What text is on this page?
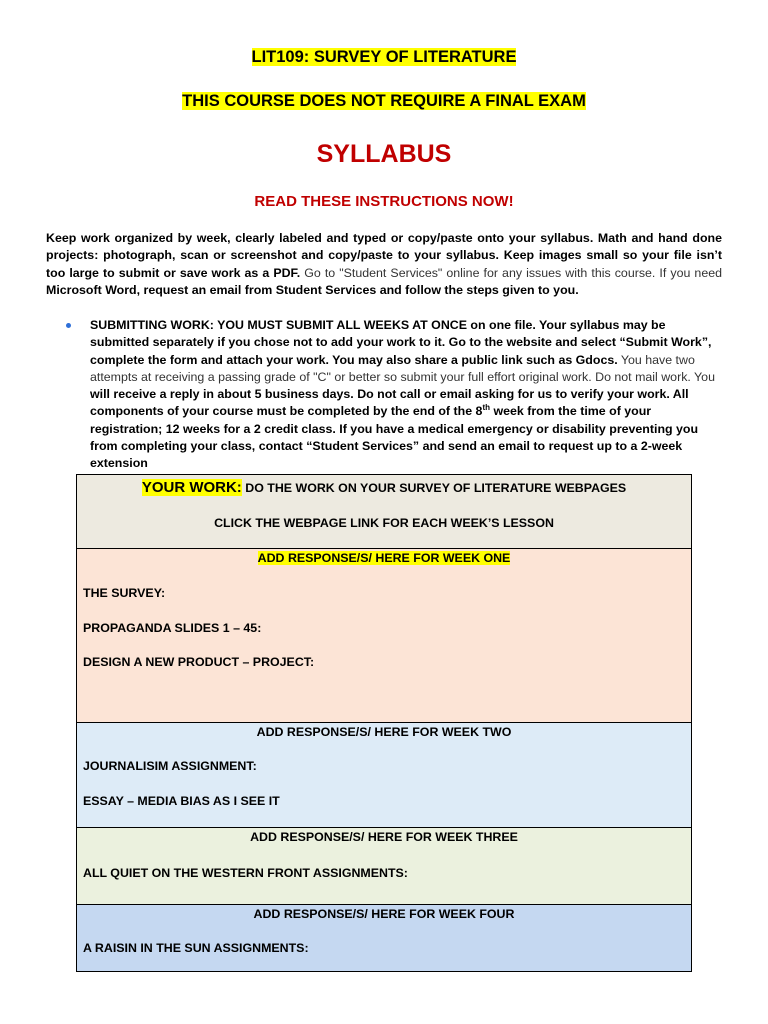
LIT109: SURVEY OF LITERATURE
THIS COURSE DOES NOT REQUIRE A FINAL EXAM
SYLLABUS
READ THESE INSTRUCTIONS NOW!

Keep work organized by week, clearly labeled and typed or copy/paste onto your syllabus. Math and hand done projects: photograph, scan or screenshot and copy/paste to your syllabus. Keep images small so your file isn’t too large to submit or save work as a PDF. Go to "Student Services" online for any issues with this course. If you need Microsoft Word, request an email from Student Services and follow the steps given to you.

SUBMITTING WORK: YOU MUST SUBMIT ALL WEEKS AT ONCE on one file. Your syllabus may be submitted separately if you chose not to add your work to it. Go to the website and select “Submit Work”, complete the form and attach your work. You may also share a public link such as Gdocs. You have two attempts at receiving a passing grade of "C" or better so submit your full effort original work. Do not mail work. You will receive a reply in about 5 business days. Do not call or email asking for us to verify your work. All components of your course must be completed by the end of the 8th week from the time of your registration; 12 weeks for a 2 credit class. If you have a medical emergency or disability preventing you from completing your class, contact “Student Services” and send an email to request up to a 2-week extension

YOUR WORK: DO THE WORK ON YOUR SURVEY OF LITERATURE WEBPAGES
CLICK THE WEBPAGE LINK FOR EACH WEEK’S LESSON

ADD RESPONSE/S/ HERE FOR WEEK ONE

THE SURVEY:

PROPAGANDA SLIDES 1 – 45:

DESIGN A NEW PRODUCT – PROJECT:

ADD RESPONSE/S/ HERE FOR WEEK TWO

JOURNALISIM ASSIGNMENT:

ESSAY – MEDIA BIAS AS I SEE IT

ADD RESPONSE/S/ HERE FOR WEEK THREE

ALL QUIET ON THE WESTERN FRONT ASSIGNMENTS:

ADD RESPONSE/S/ HERE FOR WEEK FOUR

A RAISIN IN THE SUN ASSIGNMENTS:
